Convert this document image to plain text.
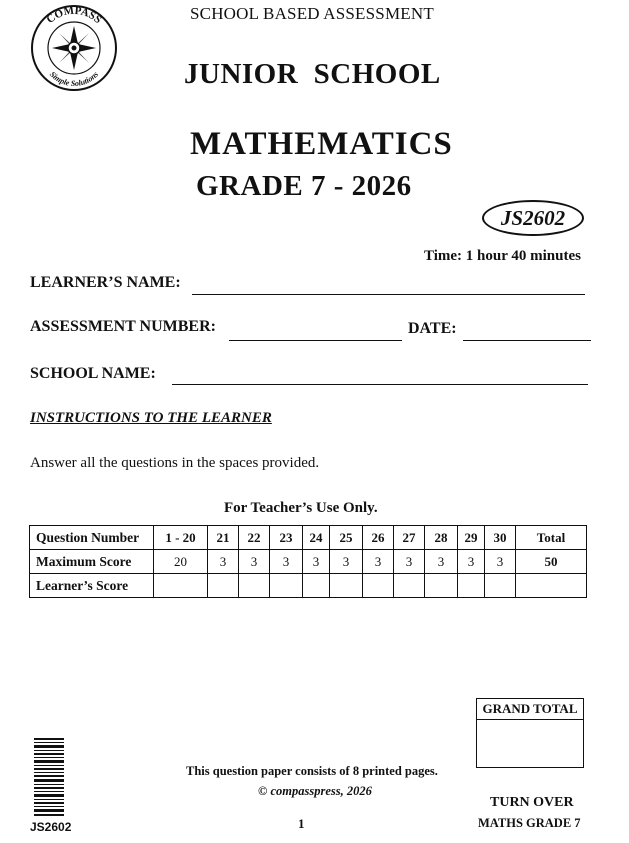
COMPASS
Simple Solutions
SCHOOL BASED ASSESSMENT
JUNIOR  SCHOOL
MATHEMATICS
GRADE 7 - 2026
JS2602
Time: 1 hour 40 minutes
LEARNER’S NAME:
ASSESSMENT NUMBER:	DATE:
SCHOOL NAME:
INSTRUCTIONS TO THE LEARNER
Answer all the questions in the spaces provided.
For Teacher’s Use Only.
Question Number	1 - 20	21	22	23	24	25	26	27	28	29	30	Total
Maximum Score	20	3	3	3	3	3	3	3	3	3	3	50
Learner’s Score												
GRAND TOTAL
JS2602
This question paper consists of 8 printed pages.
© compasspress, 2026
1
TURN OVER
MATHS GRADE 7
